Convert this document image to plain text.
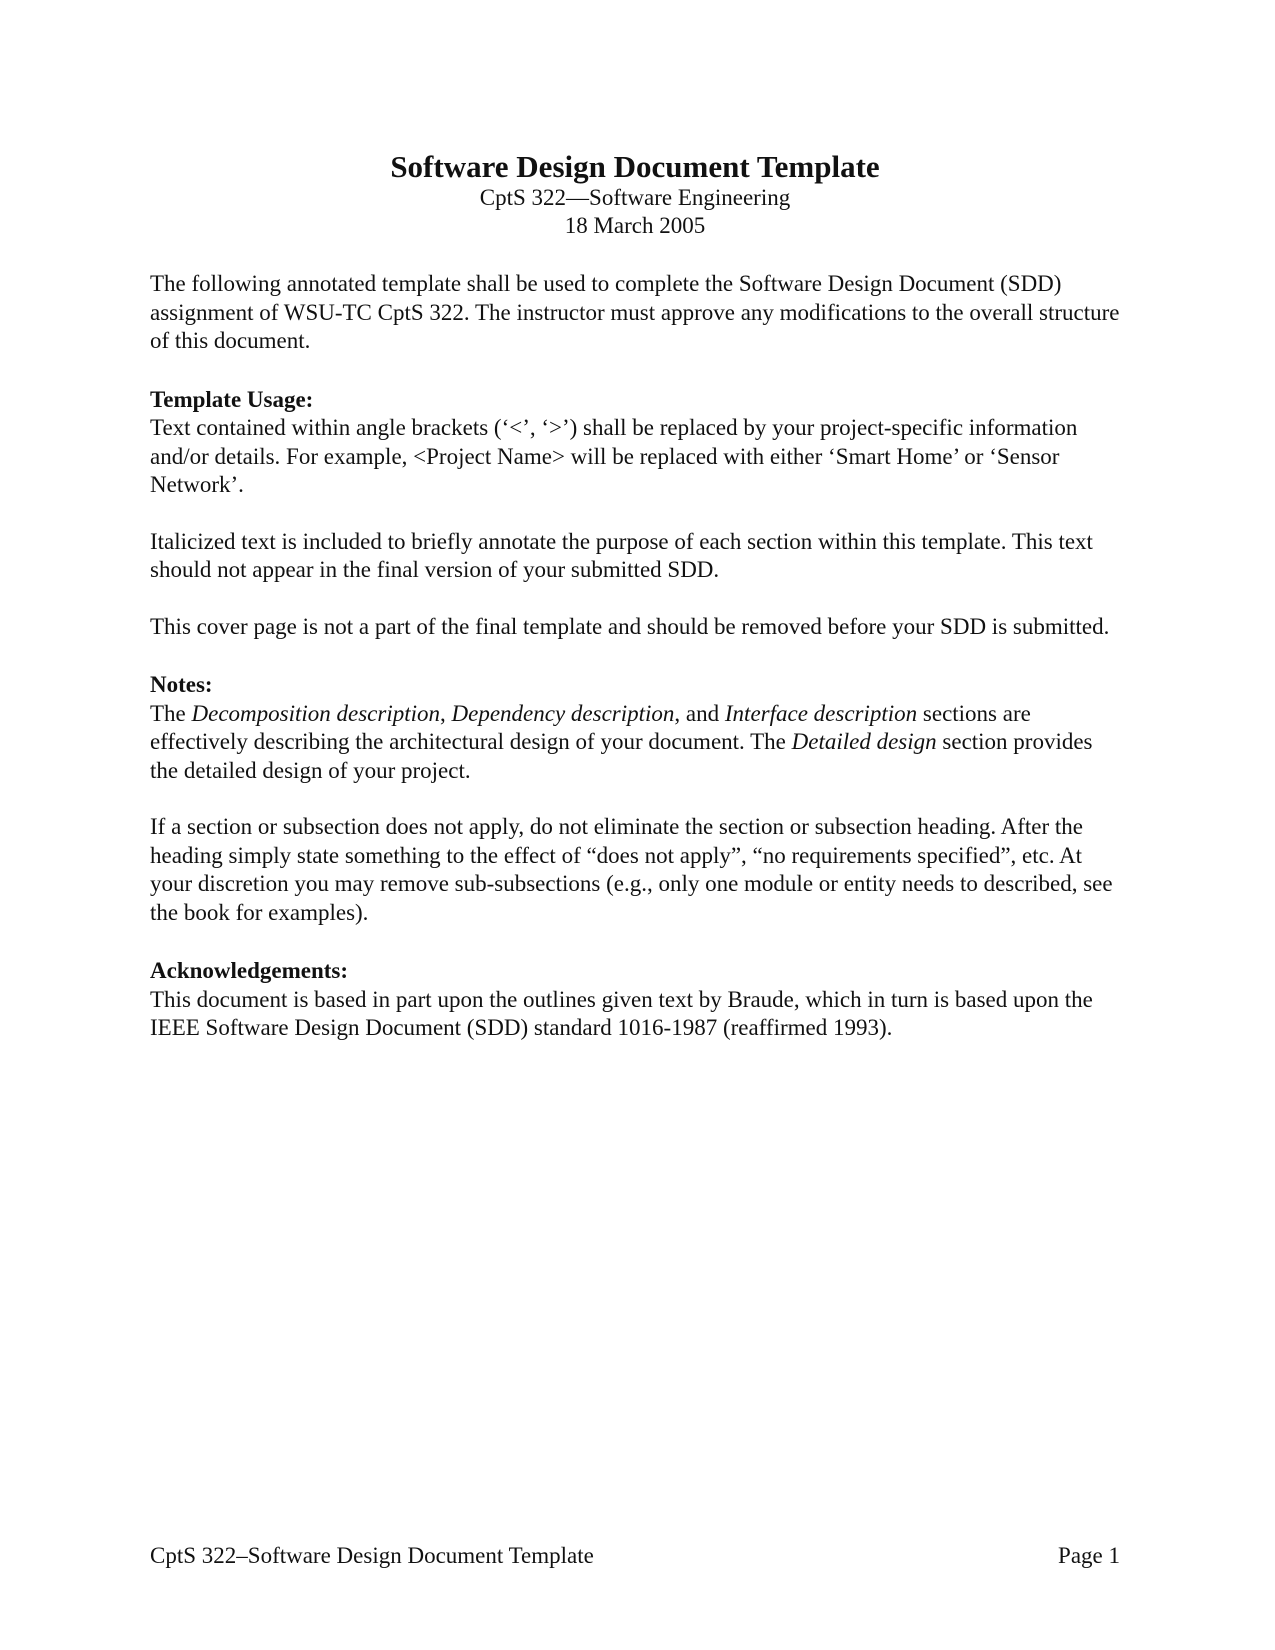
Software Design Document Template
CptS 322—Software Engineering
18 March 2005

The following annotated template shall be used to complete the Software Design Document (SDD) assignment of WSU-TC CptS 322. The instructor must approve any modifications to the overall structure of this document.

Template Usage:

Text contained within angle brackets (‘<’, ‘>’) shall be replaced by your project-specific information and/or details. For example, <Project Name> will be replaced with either ‘Smart Home’ or ‘Sensor Network’.

Italicized text is included to briefly annotate the purpose of each section within this template. This text should not appear in the final version of your submitted SDD.

This cover page is not a part of the final template and should be removed before your SDD is submitted.

Notes:

The Decomposition description, Dependency description, and Interface description sections are effectively describing the architectural design of your document. The Detailed design section provides the detailed design of your project.

If a section or subsection does not apply, do not eliminate the section or subsection heading. After the heading simply state something to the effect of “does not apply”, “no requirements specified”, etc. At your discretion you may remove sub-subsections (e.g., only one module or entity needs to described, see the book for examples).

Acknowledgements:

This document is based in part upon the outlines given text by Braude, which in turn is based upon the IEEE Software Design Document (SDD) standard 1016-1987 (reaffirmed 1993).

CptS 322–Software Design Document Template	Page 1
